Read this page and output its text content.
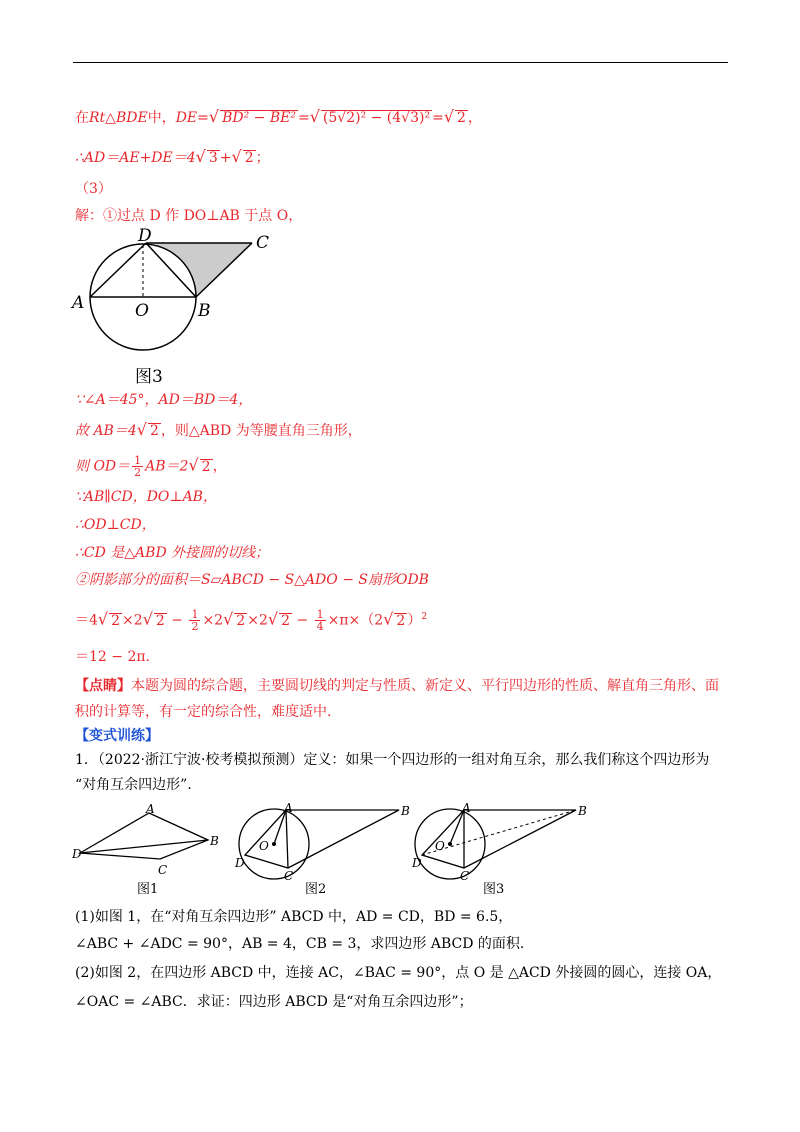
在Rt△BDE中，DE=√ BD² − BE² =√ (5√2)² − (4√3)² =√ 2 ，
∴AD＝AE+DE＝4√ 3 +√ 2 ；
（3）
解：①过点 D 作 DO⊥AB 于点 O，
A
D	C
B
O
图3
∵∠A＝45°，AD＝BD＝4，
故 AB＝4√ 2 ，则△ABD 为等腰直角三角形，
则 $OD= \frac{1}{2} AB=2√$ 2 ，
∵AB∥CD，DO⊥AB，
∴OD⊥CD，
∴CD 是△ABD 外接圆的切线；
②阴影部分的面积＝S▱ABCD − S△ADO − S扇形ODB
＝4√ 2 ×2√ $2 - \frac{1}{2} \times 2√$ 2 ×2√ $2 - \frac{1}{4} \times\pi\times(2√$ 2 ）$^2$
＝12 − 2π.
【点睛】本题为圆的综合题，主要圆切线的判定与性质、新定义、平行四边形的性质、解直角三角形、面
积的计算等，有一定的综合性，难度适中.
【变式训练】
1．（2022·浙江宁波·校考模拟预测）定义：如果一个四边形的一组对角互余，那么我们称这个四边形为
“对角互余四边形”．
A
B
C
D
A	B
C
D
O
A	B
C
D
O
图1	图2	图3
(1)如图 1，在“对角互余四边形” ABCD 中，AD = CD，BD = 6.5，
∠ABC + ∠ADC = 90°，AB = 4，CB = 3，求四边形 ABCD 的面积．
(2)如图 2，在四边形 ABCD 中，连接 AC，∠BAC = 90°，点 O 是 △ACD 外接圆的圆心，连接 OA，
∠OAC = ∠ABC．求证：四边形 ABCD 是“对角互余四边形”；
